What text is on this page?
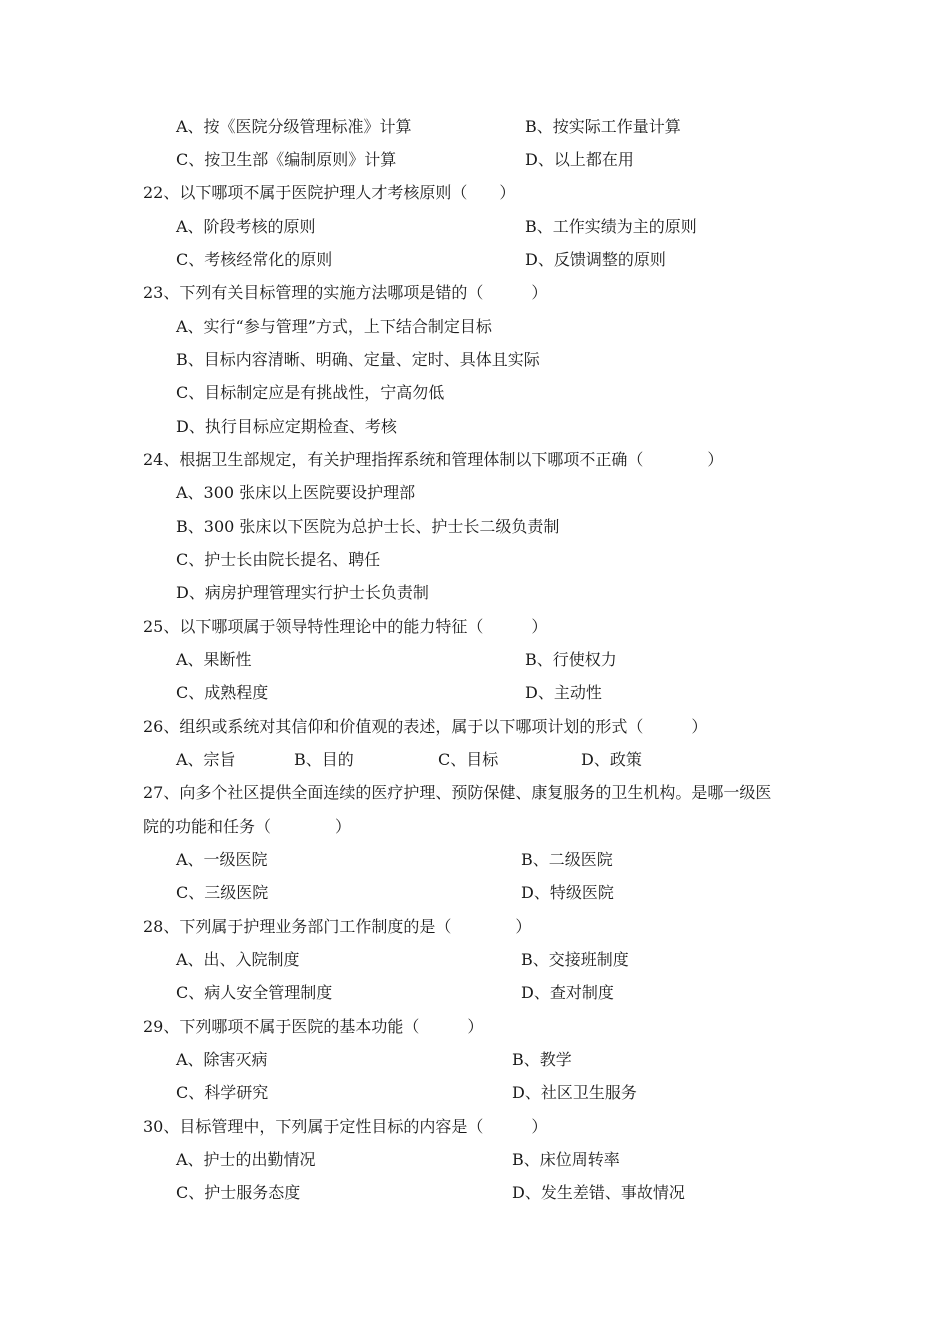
A、按《医院分级管理标准》计算	B、按实际工作量计算
C、按卫生部《编制原则》计算	D、以上都在用
22、以下哪项不属于医院护理人才考核原则（　　）
A、阶段考核的原则	B、工作实绩为主的原则
C、考核经常化的原则	D、反馈调整的原则
23、下列有关目标管理的实施方法哪项是错的（　　　）
A、实行“参与管理”方式，上下结合制定目标
B、目标内容清晰、明确、定量、定时、具体且实际
C、目标制定应是有挑战性，宁高勿低
D、执行目标应定期检查、考核
24、根据卫生部规定，有关护理指挥系统和管理体制以下哪项不正确（　　　　）
A、300 张床以上医院要设护理部
B、300 张床以下医院为总护士长、护士长二级负责制
C、护士长由院长提名、聘任
D、病房护理管理实行护士长负责制
25、以下哪项属于领导特性理论中的能力特征（　　　）
A、果断性	B、行使权力
C、成熟程度	D、主动性
26、组织或系统对其信仰和价值观的表述，属于以下哪项计划的形式（　　　）
A、宗旨	B、目的	C、目标	D、政策
27、向多个社区提供全面连续的医疗护理、预防保健、康复服务的卫生机构。是哪一级医
院的功能和任务（　　　　）
A、一级医院	B、二级医院
C、三级医院	D、特级医院
28、下列属于护理业务部门工作制度的是（　　　　）
A、出、入院制度	B、交接班制度
C、病人安全管理制度	D、查对制度
29、下列哪项不属于医院的基本功能（　　　）
A、除害灭病	B、教学
C、科学研究	D、社区卫生服务
30、目标管理中，下列属于定性目标的内容是（　　　）
A、护士的出勤情况	B、床位周转率
C、护士服务态度	D、发生差错、事故情况
